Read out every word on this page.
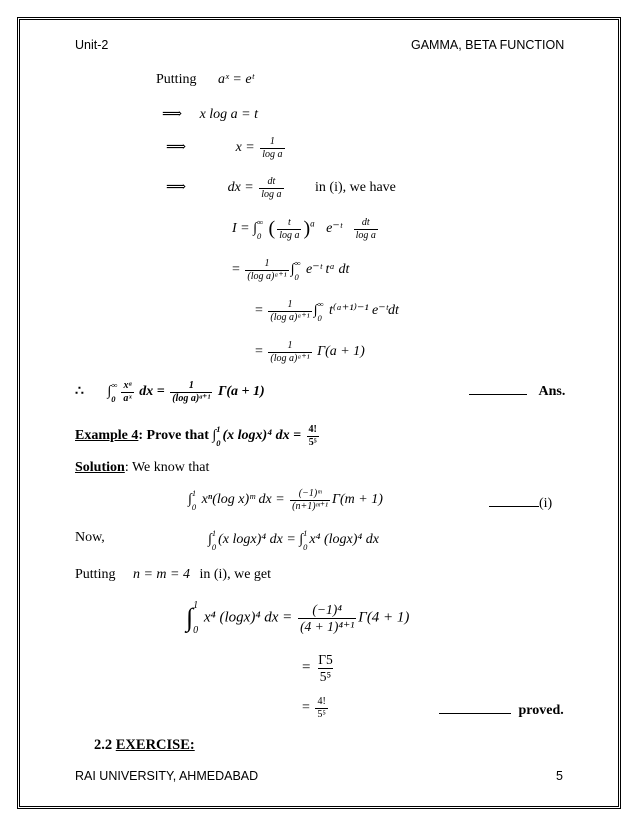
Unit-2	GAMMA, BETA FUNCTION
Putting aˣ = eᵗ
⟹ x log a = t
⟹	$x = \frac{1}{\text{log a}}$
⟹	dx = $\frac{dt}{\text{log a}}$ in (i), we have
I = ∫ ∞
0 ( $\frac{t}{\text{log a}} )^a$ e⁻ᵗ $\frac{dt}{\text{log a}}$
= $\frac{1}{\text{(log a)ᵃ⁺¹}}$ ∫ ∞
0 e⁻ᵗ tᵃ dt
= $\frac{1}{\text{(log a)ᵃ⁺¹}}$ ∫ ∞
0 t⁽ᵃ⁺¹⁾⁻¹ e⁻ᵗdt
= $\frac{1}{\text{(log a)ᵃ⁺¹}} \Gamma(a + 1)$
∴ ∫ ∞
$0 \frac{\text{xᵃ}}{\text{aˣ}}$ dx = $\frac{1}{\text{(log a)ᵃ⁺¹}} \Gamma(a + 1)$	Ans.
Example 4: Prove that ∫ 1
0 (x logx)⁴ dx = $\frac{4!}{\text{5⁵}}$
Solution: We know that
∫ 1
0 xⁿ(log x)ᵐ dx = $\frac{\text{(−1)ᵐ}}{\text{(n+1)ᵐ⁺¹}} \Gamma(m + 1)$	(i)
Now,	∫ 1
0 (x logx)⁴ dx = ∫ 1
0 x⁴ (logx)⁴ dx
Putting n = m = 4 in (i), we get
∫ 1
0
x⁴ (logx)⁴ dx = $\frac{\text{(−1)⁴}}{\text{(4 + 1)⁴⁺¹}} \Gamma(4 + 1)$
= $\frac{\Gamma 5}{\text{5⁵}}$
= $\frac{4!}{\text{5⁵}}$	proved.
2.2 EXERCISE:
RAI UNIVERSITY, AHMEDABAD	5
